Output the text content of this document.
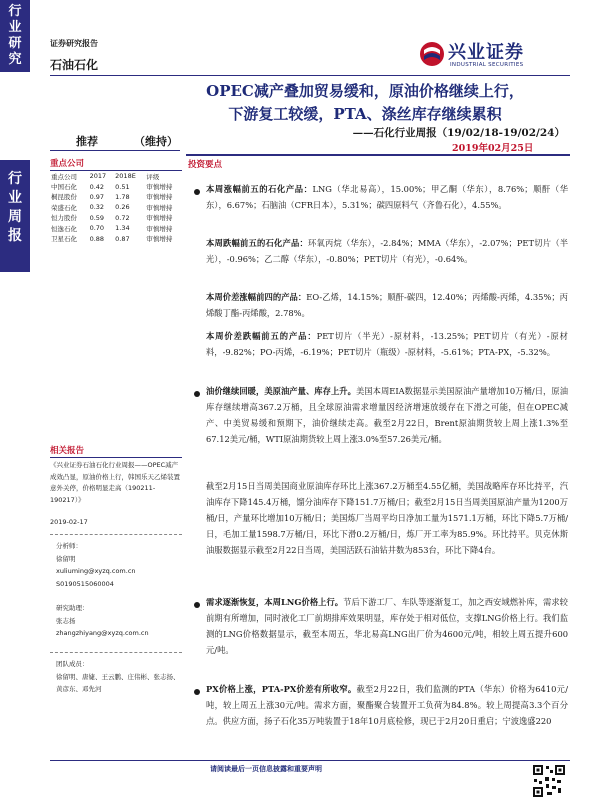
行
业
研
究
行
业
周
报
证券研究报告
石油石化
兴业证券
INDUSTRIAL SECURITIES
OPEC减产叠加贸易缓和，原油价格继续上行，
下游复工较缓，PTA、涤丝库存继续累积
——石化行业周报（19/02/18-19/02/24）
推荐	（维持）
2019年02月25日
重点公司	投资要点
相关报告
重点公司	2017	2018E	评级
中国石化	0.42	0.51	审慎增持
桐昆股份	0.97	1.78	审慎增持
荣盛石化	0.32	0.26	审慎增持
恒力股份	0.59	0.72	审慎增持
恒逸石化	0.70	1.34	审慎增持
卫星石化	0.88	0.87	审慎增持
《兴业证券石油石化行业周报——OPEC减产成效凸显，原油价格上行，韩国乐天乙烯装置意外关停，价格明显走高（190211-190217）》
2019-02-17
分析师：
徐留明
xuliuming@xyzq.com.cn
S0190515060004
研究助理：
张志扬
zhangzhiyang@xyzq.com.cn
团队成员：
徐留明、唐婕、王云鹏、庄伟彬、张志扬、黄彦东、邓先河
本周涨幅前五的石化产品：LNG（华北易高），15.00%；甲乙酮（华东），8.76%；顺酐（华东），6.67%；石脑油（CFR日本），5.31%；碳四原料气（齐鲁石化），4.55%。
本周跌幅前五的石化产品：环氧丙烷（华东），-2.84%；MMA（华东），-2.07%；PET切片（半光），-0.96%；乙二醇（华东），-0.80%；PET切片（有光），-0.64%。
本周价差涨幅前四的产品：EO-乙烯，14.15%；顺酐-碳四，12.40%；丙烯酸-丙烯，4.35%；丙烯酸丁酯-丙烯酸，2.78%。
本周价差跌幅前五的产品：PET切片（半光）-原材料，-13.25%；PET切片（有光）-原材料，-9.82%；PO-丙烯，-6.19%；PET切片（瓶级）-原材料，-5.61%；PTA-PX，-5.32%。
油价继续回暖，美原油产量、库存上升。美国本周EIA数据显示美国原油产量增加10万桶/日，原油库存继续增高367.2万桶，且全球原油需求增量因经济增速放缓存在下滑之可能，但在OPEC减产、中美贸易缓和预期下，油价继续走高。截至2月22日，Brent原油期货较上周上涨1.3%至67.12美元/桶，WTI原油期货较上周上涨3.0%至57.26美元/桶。
截至2月15日当周美国商业原油库存环比上涨367.2万桶至4.55亿桶，美国战略库存环比持平，汽油库存下降145.4万桶，馏分油库存下降151.7万桶/日；截至2月15日当周美国原油产量为1200万桶/日，产量环比增加10万桶/日；美国炼厂当周平均日净加工量为1571.1万桶，环比下降5.7万桶/日，毛加工量1598.7万桶/日，环比下滑0.2万桶/日，炼厂开工率为85.9%。环比持平。贝克休斯油服数据显示截至2月22日当周，美国活跃石油钻井数为853台，环比下降4台。
需求逐渐恢复，本周LNG价格上行。节后下游工厂、车队等逐渐复工，加之西安域燃补库，需求较前期有所增加，同时液化工厂前期排库效果明显，库存处于相对低位，支撑LNG价格上行。我们监测的LNG价格数据显示，截至本周五，华北易高LNG出厂价为4600元/吨，相较上周五提升600元/吨。
PX价格上涨，PTA-PX价差有所收窄。截至2月22日，我们监测的PTA（华东）价格为6410元/吨，较上周五上涨30元/吨。需求方面，聚酯聚合装置开工负荷为84.8%。较上周提高3.3个百分点。供应方面，扬子石化35万吨装置于18年10月底检修，现已于2月20日重启；宁波逸盛220
请阅读最后一页信息披露和重要声明
